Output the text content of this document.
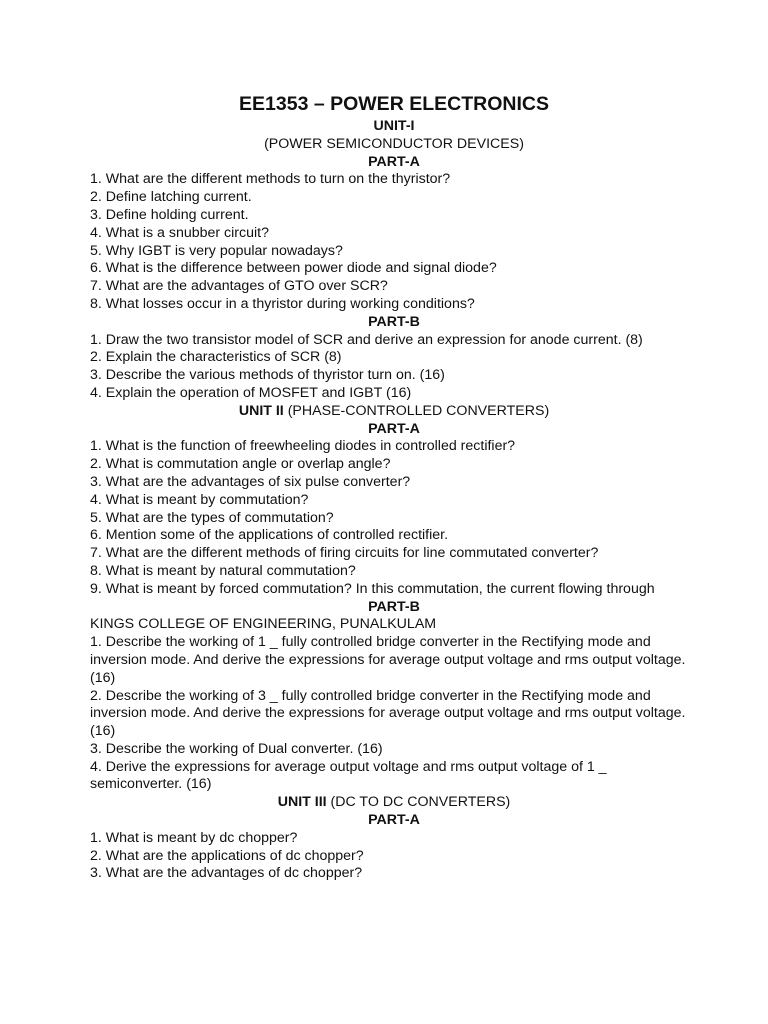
EE1353 – POWER ELECTRONICS
UNIT-I
(POWER SEMICONDUCTOR DEVICES)
PART-A
1. What are the different methods to turn on the thyristor?
2. Define latching current.
3. Define holding current.
4. What is a snubber circuit?
5. Why IGBT is very popular nowadays?
6. What is the difference between power diode and signal diode?
7. What are the advantages of GTO over SCR?
8. What losses occur in a thyristor during working conditions?
PART-B
1. Draw the two transistor model of SCR and derive an expression for anode current. (8)
2. Explain the characteristics of SCR (8)
3. Describe the various methods of thyristor turn on. (16)
4. Explain the operation of MOSFET and IGBT (16)
UNIT II (PHASE-CONTROLLED CONVERTERS)
PART-A
1. What is the function of freewheeling diodes in controlled rectifier?
2. What is commutation angle or overlap angle?
3. What are the advantages of six pulse converter?
4. What is meant by commutation?
5. What are the types of commutation?
6. Mention some of the applications of controlled rectifier.
7. What are the different methods of firing circuits for line commutated converter?
8. What is meant by natural commutation?
9. What is meant by forced commutation? In this commutation, the current flowing through
PART-B
KINGS COLLEGE OF ENGINEERING, PUNALKULAM
1. Describe the working of 1 _ fully controlled bridge converter in the Rectifying mode and inversion mode. And derive the expressions for average output voltage and rms output voltage. (16)
2. Describe the working of 3 _ fully controlled bridge converter in the Rectifying mode and inversion mode. And derive the expressions for average output voltage and rms output voltage. (16)
3. Describe the working of Dual converter. (16)
4. Derive the expressions for average output voltage and rms output voltage of 1 _ semiconverter. (16)
UNIT III (DC TO DC CONVERTERS)
PART-A
1. What is meant by dc chopper?
2. What are the applications of dc chopper?
3. What are the advantages of dc chopper?
